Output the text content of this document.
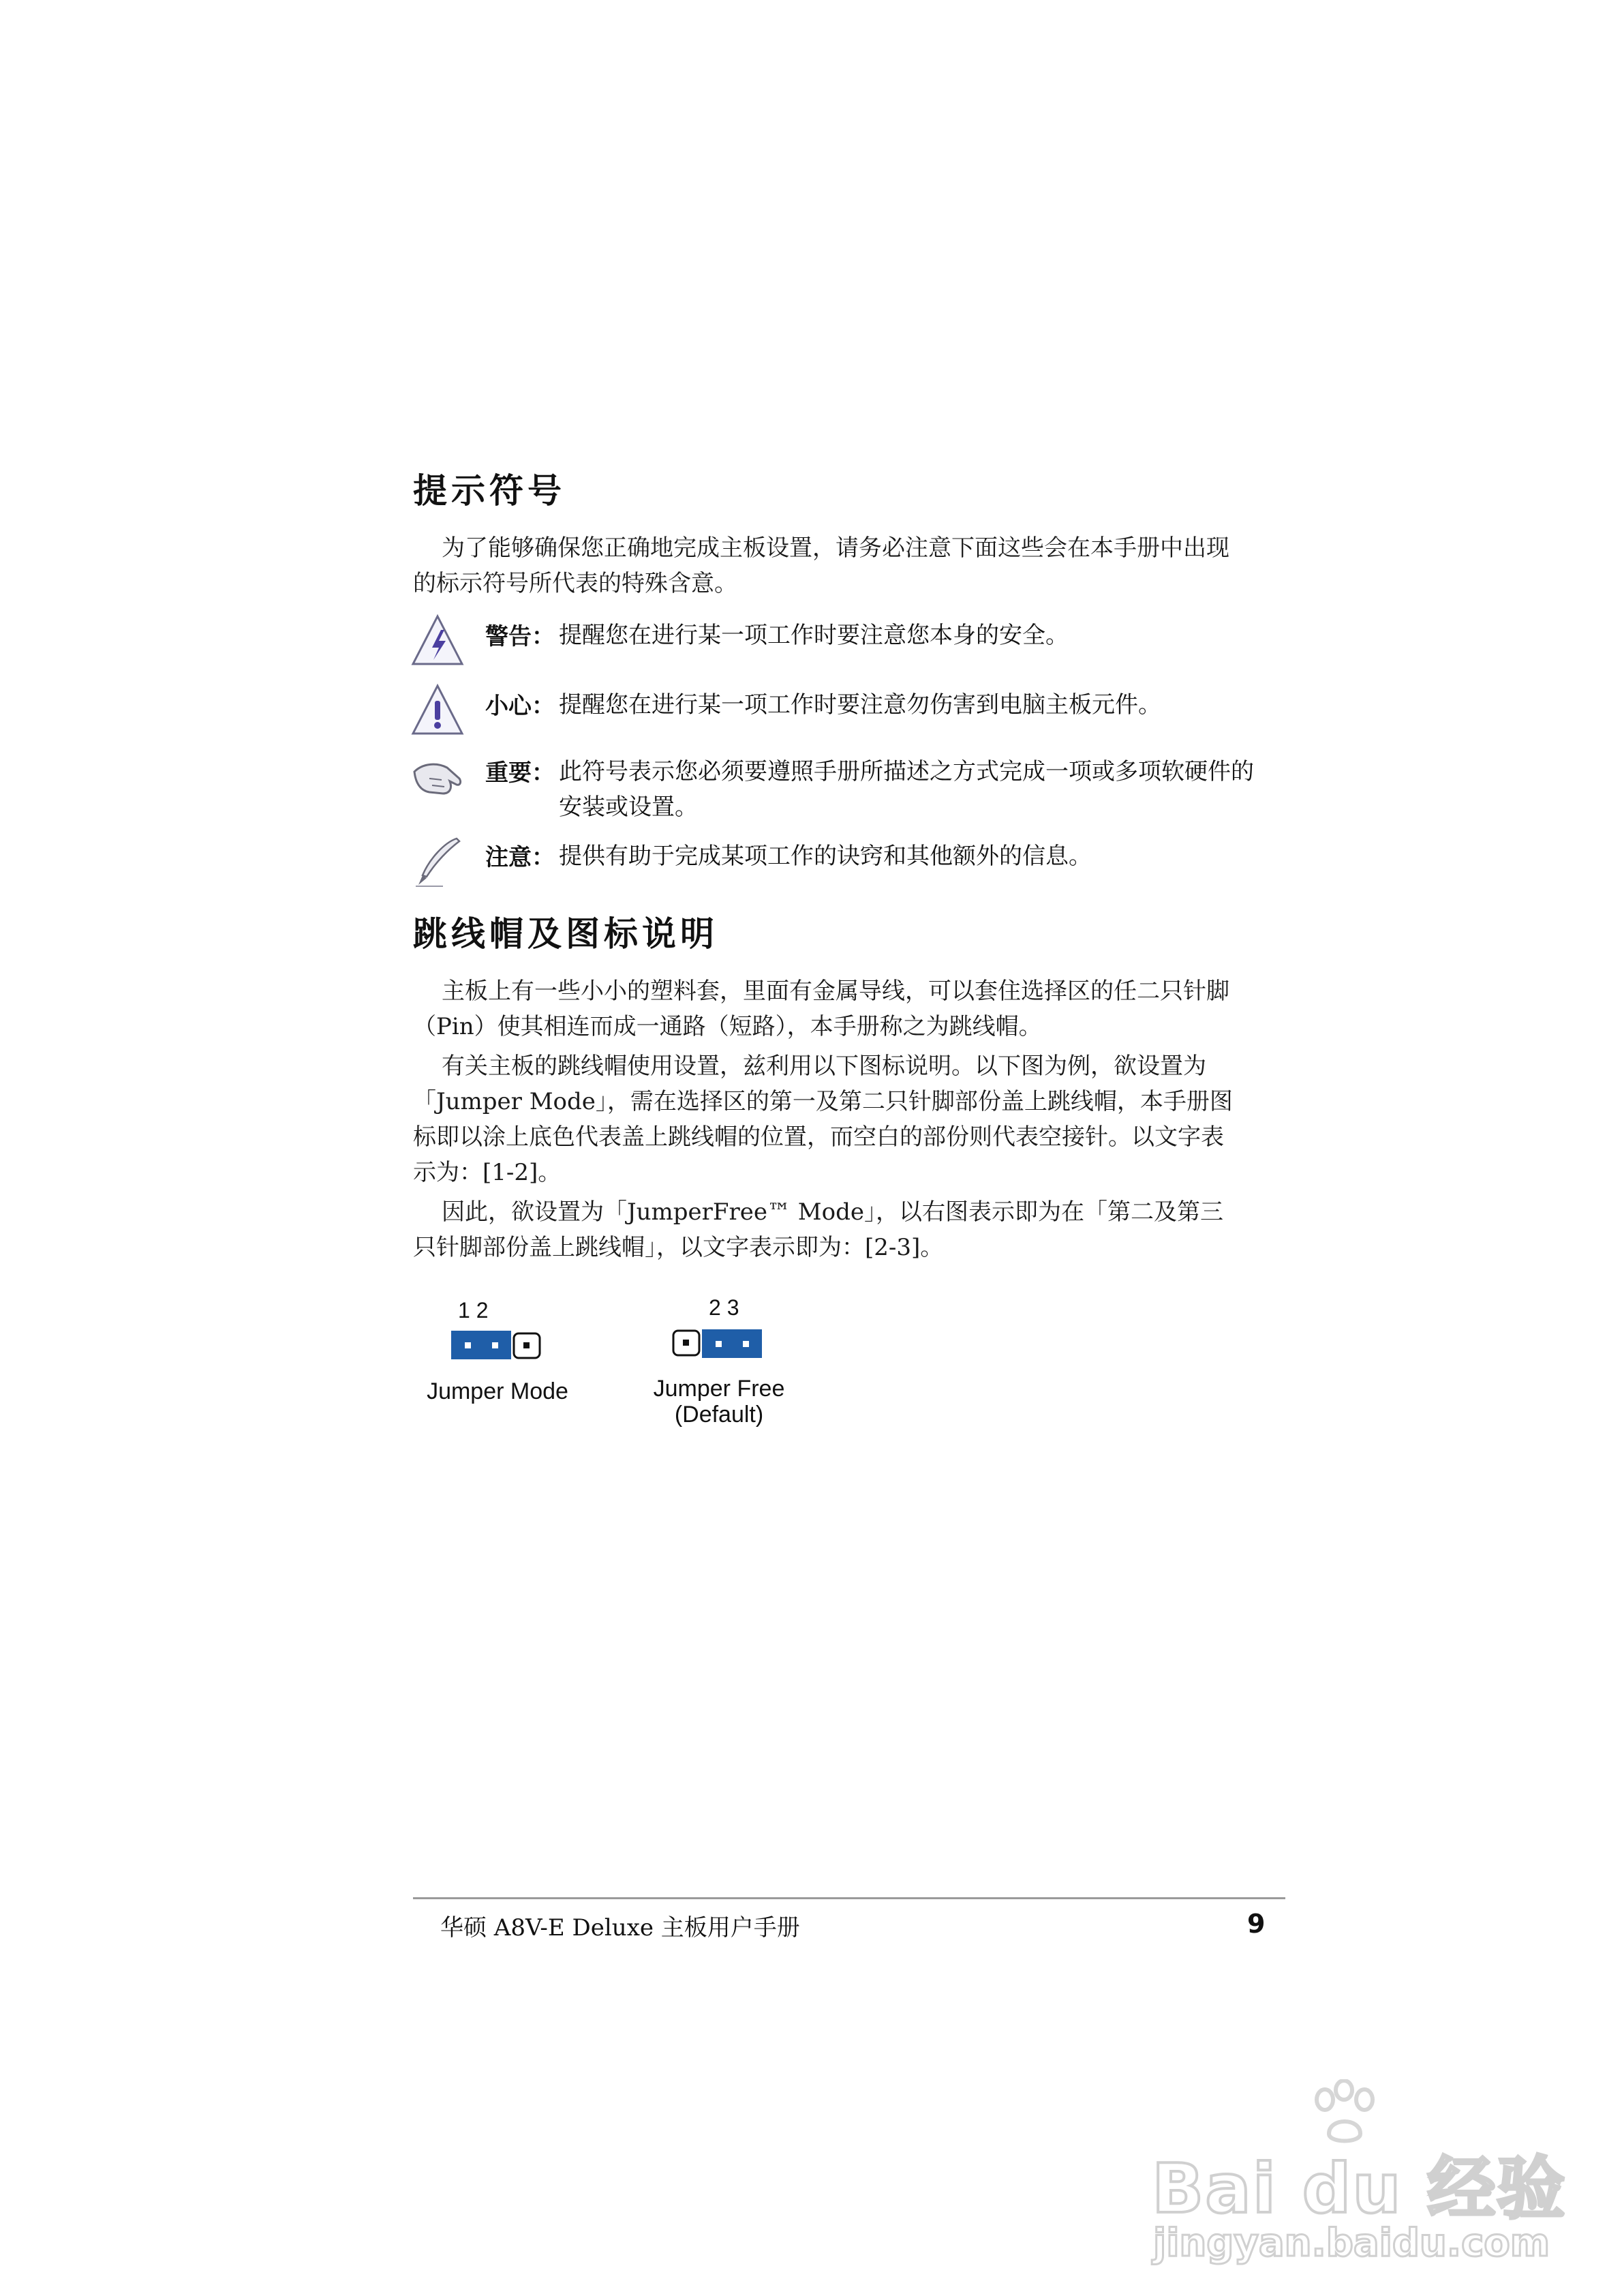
提示符号

为了能够确保您正确地完成主板设置，请务必注意下面这些会在本手册中出现的标示符号所代表的特殊含意。

警告： 提醒您在进行某一项工作时要注意您本身的安全。
小心： 提醒您在进行某一项工作时要注意勿伤害到电脑主板元件。
重要： 此符号表示您必须要遵照手册所描述之方式完成一项或多项软硬件的安装或设置。
注意： 提供有助于完成某项工作的诀窍和其他额外的信息。
跳线帽及图标说明

主板上有一些小小的塑料套，里面有金属导线，可以套住选择区的任二只针脚（Pin）使其相连而成一通路（短路），本手册称之为跳线帽。

有关主板的跳线帽使用设置，兹利用以下图标说明。以下图为例，欲设置为「Jumper Mode」，需在选择区的第一及第二只针脚部份盖上跳线帽，本手册图标即以涂上底色代表盖上跳线帽的位置，而空白的部份则代表空接针。以文字表示为：[1-2]。

因此，欲设置为「JumperFree™ Mode」，以右图表示即为在「第二及第三只针脚部份盖上跳线帽」，以文字表示即为：[2-3]。

1 2
Jumper Mode
2 3
Jumper Free
(Default)
华硕 A8V-E Deluxe 主板用户手册	9
Bai du 经验
jingyan.baidu.com
